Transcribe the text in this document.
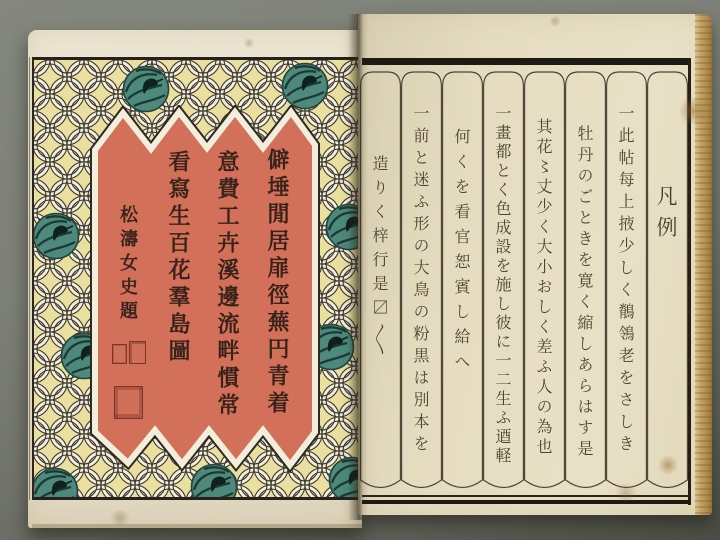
僻埵閒居扉徑蕪円青着
意費工卉溪邊流畔慣常
看寫生百花羣島圖
松濤女史題	凡例
一此帖每上掖少しく鶺鴒老をさしき
牡丹のごときを寛く縮しあらはす是
其花〻丈少く大小おしく差ふ人の為也
一畫都とく色成設を施し彼に一二生ふ逎軽
何くを看官恕賓し給へ
一前と迷ふ形の大鳥の粉黒は別本を
造りく梓行是〼〳〵
